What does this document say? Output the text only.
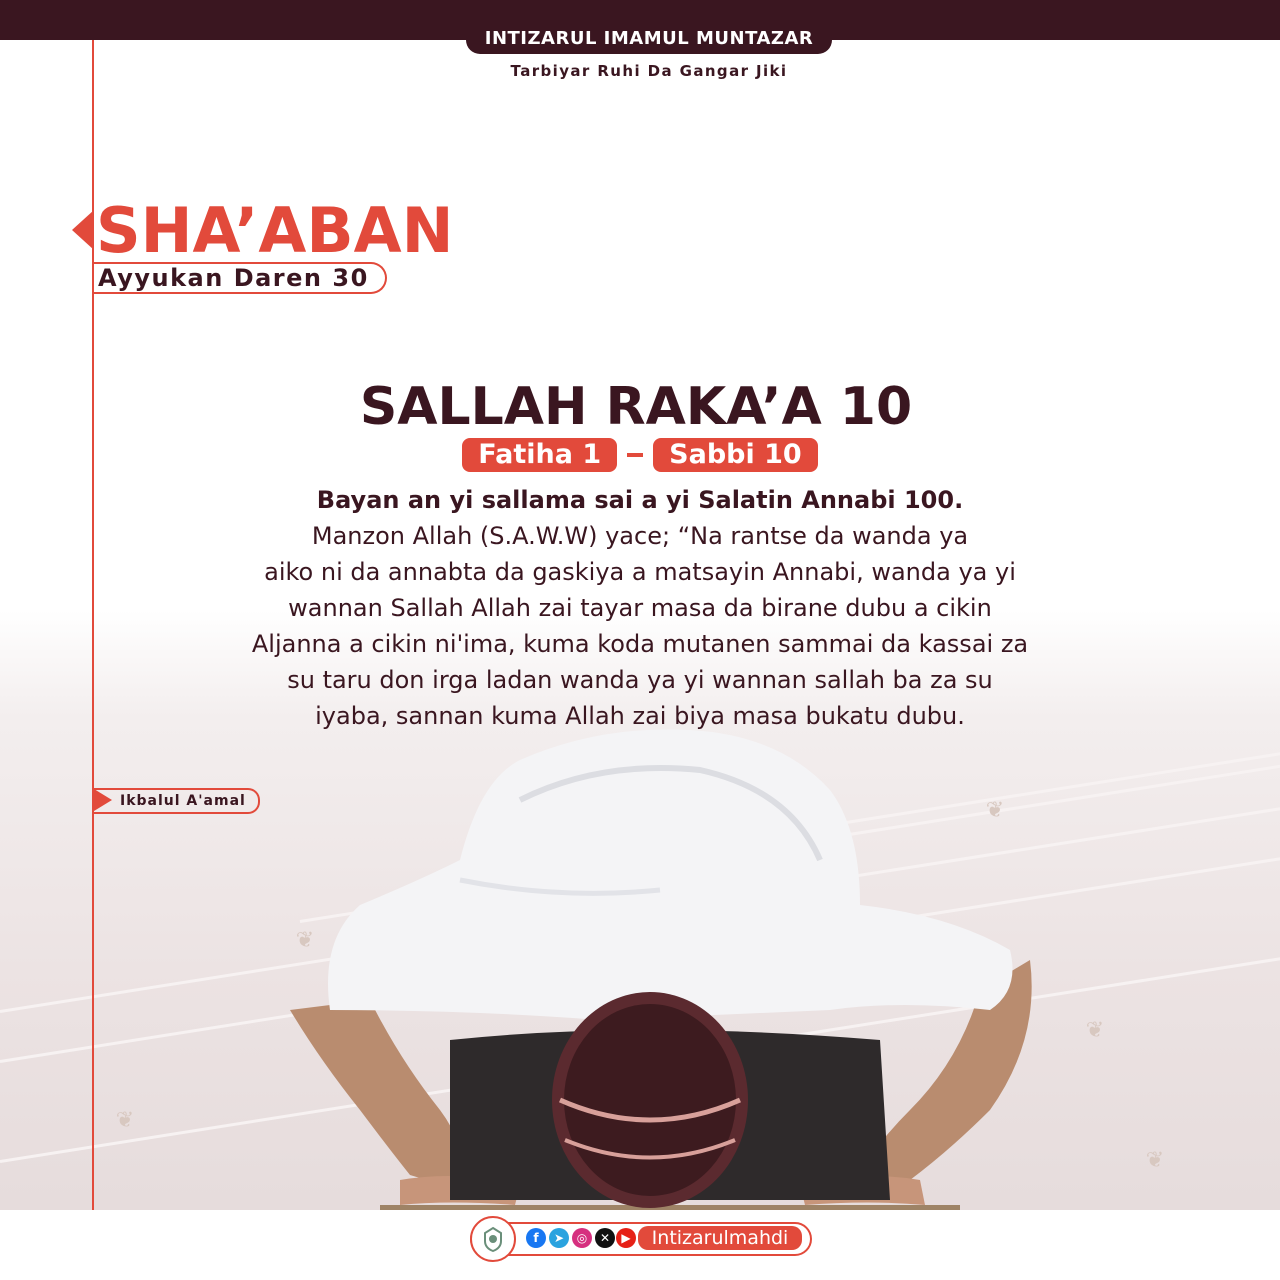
INTIZARUL IMAMUL MUNTAZAR
Tarbiyar Ruhi Da Gangar Jiki
❦
❦
❦
❦
❦
SHA’ABAN
Ayyukan Daren 30
SALLAH RAKA’A 10
Fatiha 1	Sabbi 10
Bayan an yi sallama sai a yi Salatin Annabi 100.
Manzon Allah (S.A.W.W) yace; “Na rantse da wanda ya
aiko ni da annabta da gaskiya a matsayin Annabi, wanda ya yi
wannan Sallah Allah zai tayar masa da birane dubu a cikin
Aljanna a cikin ni'ima, kuma koda mutanen sammai da kassai za
su taru don irga ladan wanda ya yi wannan sallah ba za su
iyaba, sannan kuma Allah zai biya masa bukatu dubu.
Ikbalul A'amal
f	➤	◎	✕ ▶	Intizarulmahdi
